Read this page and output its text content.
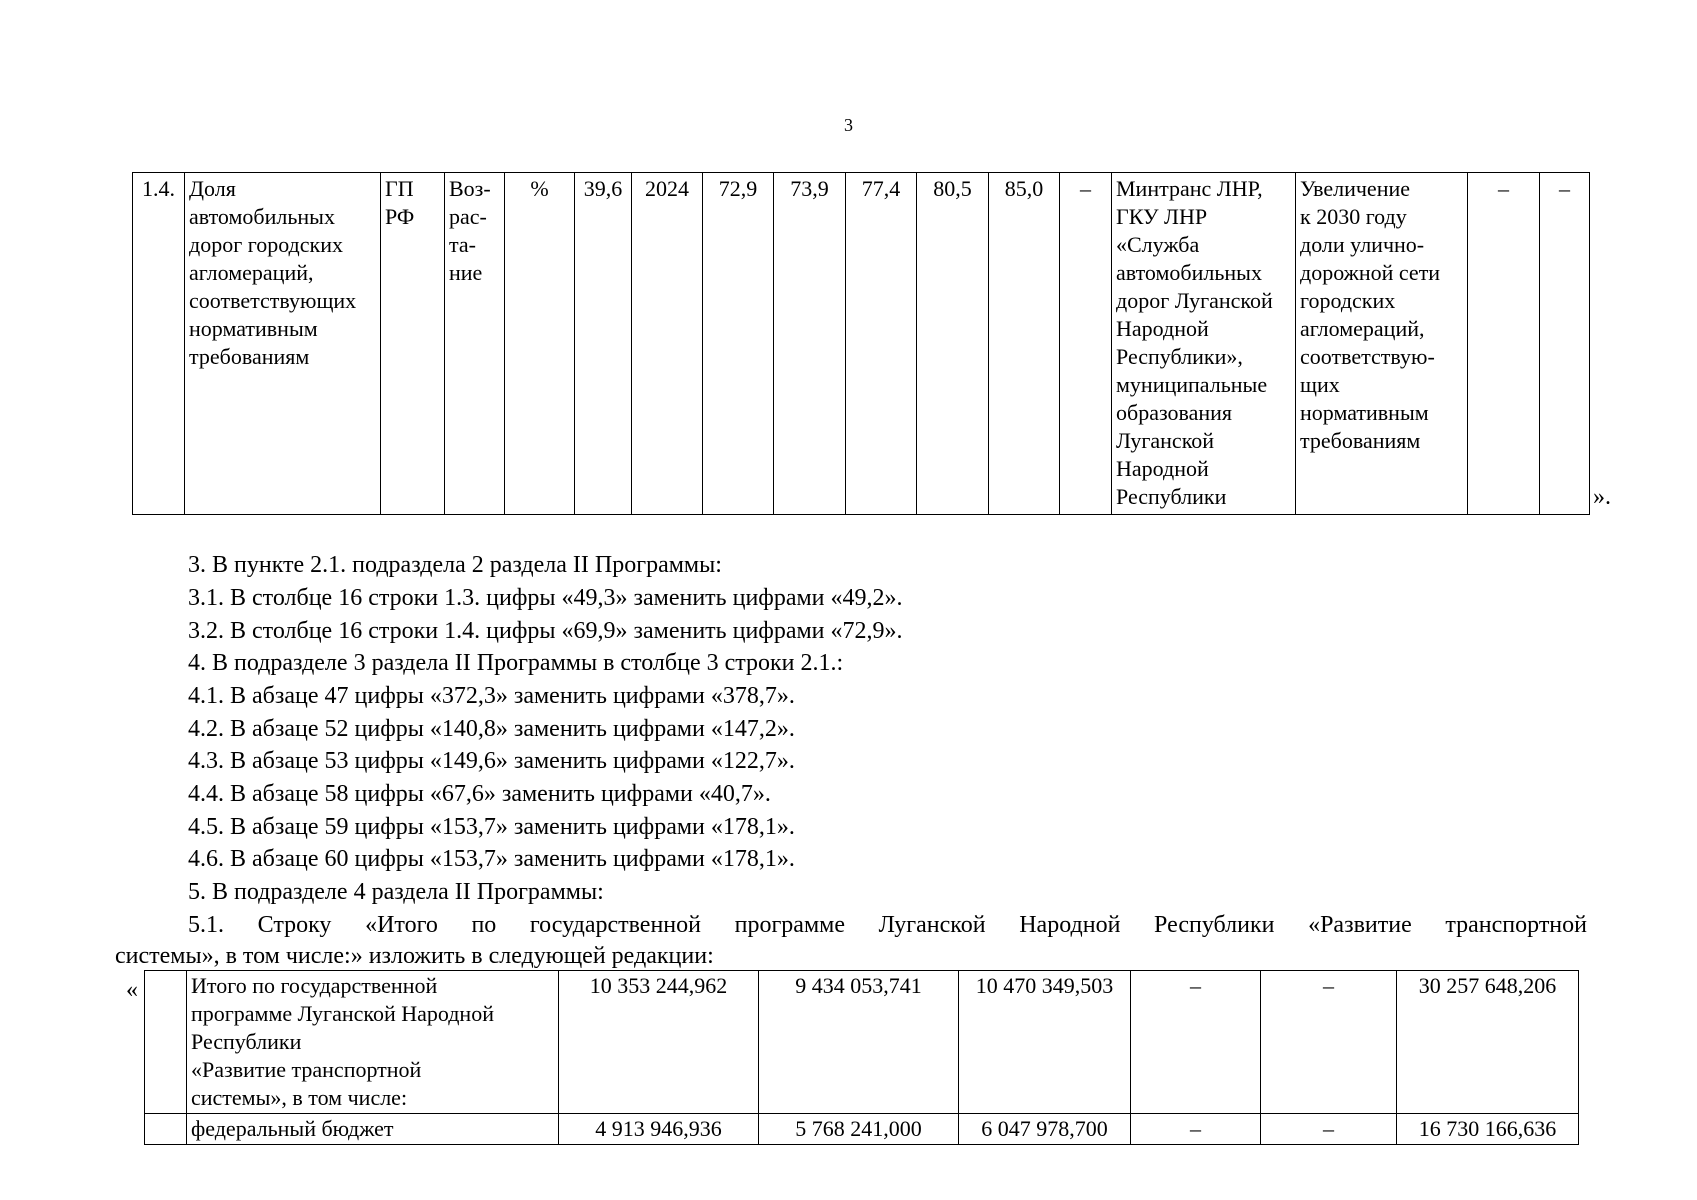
3
1.4.	Доля
автомобильных
дорог городских
агломераций,
соответствующих
нормативным
требованиям	ГП
РФ	Воз-
рас-
та-
ние	%	39,6	2024	72,9	73,9	77,4	80,5	85,0	–	Минтранс ЛНР,
ГКУ ЛНР
«Служба
автомобильных
дорог Луганской
Народной
Республики»,
муниципальные
образования
Луганской
Народной
Республики	Увеличение
к 2030 году
доли улично-
дорожной сети
городских
агломераций,
соответствую-
щих
нормативным
требованиям	–	–
».
3. В пункте 2.1. подраздела 2 раздела II Программы:
3.1. В столбце 16 строки 1.3. цифры «49,3» заменить цифрами «49,2».
3.2. В столбце 16 строки 1.4. цифры «69,9» заменить цифрами «72,9».
4. В подразделе 3 раздела II Программы в столбце 3 строки 2.1.:
4.1. В абзаце 47 цифры «372,3» заменить цифрами «378,7».
4.2. В абзаце 52 цифры «140,8» заменить цифрами «147,2».
4.3. В абзаце 53 цифры «149,6» заменить цифрами «122,7».
4.4. В абзаце 58 цифры «67,6» заменить цифрами «40,7».
4.5. В абзаце 59 цифры «153,7» заменить цифрами «178,1».
4.6. В абзаце 60 цифры «153,7» заменить цифрами «178,1».
5. В подразделе 4 раздела II Программы:
5.1. Строку «Итого по государственной программе Луганской Народной Республики «Развитие транспортной
системы», в том числе:» изложить в следующей редакции:
«
	Итого по государственной
программе Луганской Народной
Республики
«Развитие транспортной
системы», в том числе:	10 353 244,962	9 434 053,741	10 470 349,503	–	–	30 257 648,206
	федеральный бюджет	4 913 946,936	5 768 241,000	6 047 978,700	–	–	16 730 166,636
